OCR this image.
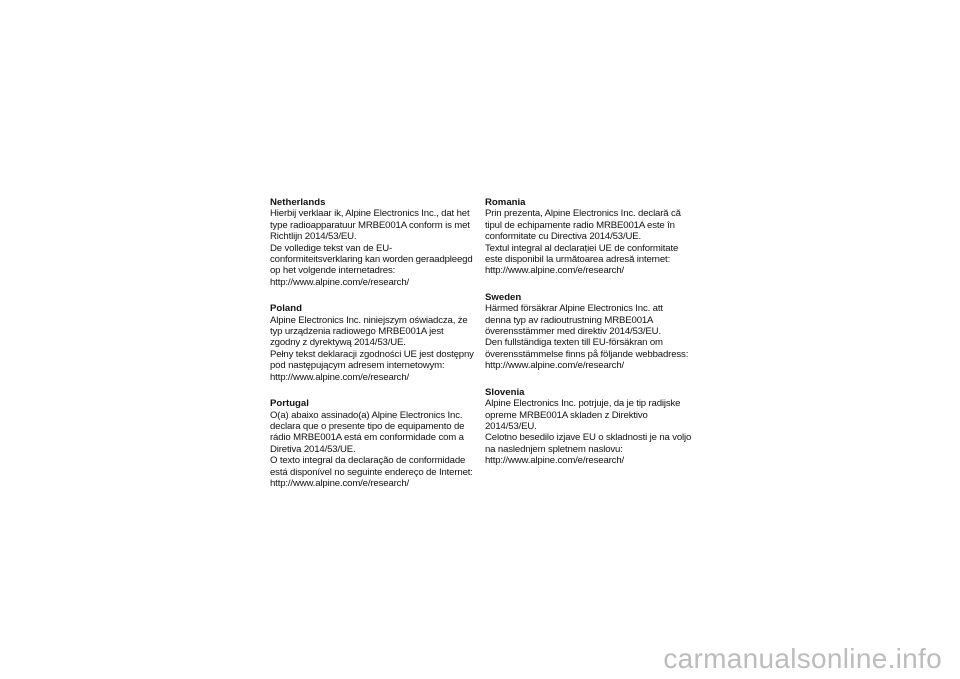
Netherlands
Hierbij verklaar ik, Alpine Electronics Inc., dat het
type radioapparatuur MRBE001A conform is met
Richtlijn 2014/53/EU.
De volledige tekst van de EU-
conformiteitsverklaring kan worden geraadpleegd
op het volgende internetadres:
http://www.alpine.com/e/research/
Poland
Alpine Electronics Inc. niniejszym oświadcza, że
typ urządzenia radiowego MRBE001A jest
zgodny z dyrektywą 2014/53/UE.
Pełny tekst deklaracji zgodności UE jest dostępny
pod następującym adresem internetowym:
http://www.alpine.com/e/research/
Portugal
O(a) abaixo assinado(a) Alpine Electronics Inc.
declara que o presente tipo de equipamento de
rádio MRBE001A está em conformidade com a
Diretiva 2014/53/UE.
O texto integral da declaração de conformidade
está disponível no seguinte endereço de Internet:
http://www.alpine.com/e/research/
Romania
Prin prezenta, Alpine Electronics Inc. declară că
tipul de echipamente radio MRBE001A este în
conformitate cu Directiva 2014/53/UE.
Textul integral al declarației UE de conformitate
este disponibil la următoarea adresă internet:
http://www.alpine.com/e/research/
Sweden
Härmed försäkrar Alpine Electronics Inc. att
denna typ av radioutrustning MRBE001A
överensstämmer med direktiv 2014/53/EU.
Den fullständiga texten till EU-försäkran om
överensstämmelse finns på följande webbadress:
http://www.alpine.com/e/research/
Slovenia
Alpine Electronics Inc. potrjuje, da je tip radijske
opreme MRBE001A skladen z Direktivo
2014/53/EU.
Celotno besedilo izjave EU o skladnosti je na voljo
na naslednjem spletnem naslovu:
http://www.alpine.com/e/research/
carmanualsonline.info
